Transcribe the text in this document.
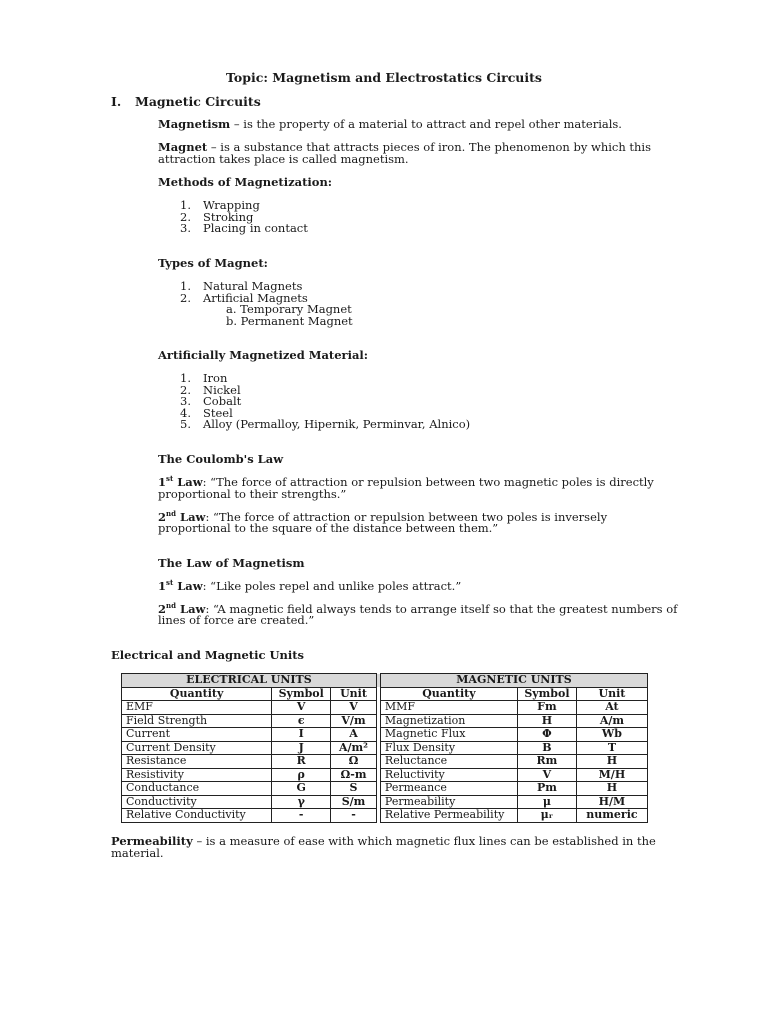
Topic: Magnetism and Electrostatics Circuits
I. Magnetic Circuits
Magnetism – is the property of a material to attract and repel other materials.
Magnet – is a substance that attracts pieces of iron. The phenomenon by which this
attraction takes place is called magnetism.
Methods of Magnetization:
1. Wrapping
2. Stroking
3. Placing in contact
Types of Magnet:
1. Natural Magnets
2. Artificial Magnets
a. Temporary Magnet
b. Permanent Magnet
Artificially Magnetized Material:
1. Iron
2. Nickel
3. Cobalt
4. Steel
5. Alloy (Permalloy, Hipernik, Perminvar, Alnico)
The Coulomb's Law
1st Law: “The force of attraction or repulsion between two magnetic poles is directly
proportional to their strengths.”
2nd Law: “The force of attraction or repulsion between two poles is inversely
proportional to the square of the distance between them.”
The Law of Magnetism
1st Law: “Like poles repel and unlike poles attract.”
2nd Law: “A magnetic field always tends to arrange itself so that the greatest numbers of
lines of force are created.”
Electrical and Magnetic Units
ELECTRICAL UNITS				MAGNETIC UNITS		
Quantity	Symbol	Unit		Quantity	Symbol	Unit
EMF	V	V		MMF	Fm	At
Field Strength	ϵ	V/m		Magnetization	H	A/m
Current	I	A		Magnetic Flux	Φ	Wb
Current Density	J	A/m²		Flux Density	B	T
Resistance	R	Ω		Reluctance	Rm	H
Resistivity	ρ	Ω-m		Reluctivity	V	M/H
Conductance	G	S		Permeance	Pm	H
Conductivity	γ	S/m		Permeability	μ	H/M
Relative Conductivity	-	-		Relative Permeability	μᵣ	numeric
Permeability – is a measure of ease with which magnetic flux lines can be established in the
material.
